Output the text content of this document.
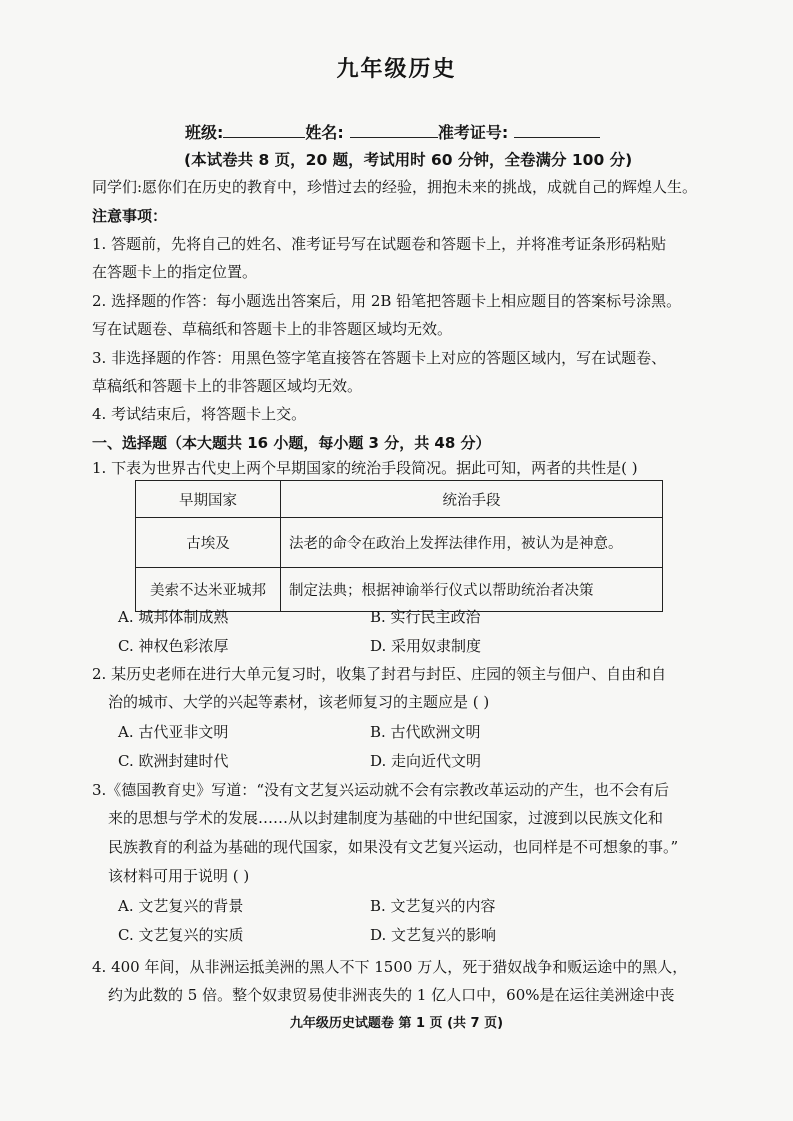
九年级历史
班级:	姓名:	准考证号:
(本试卷共 8 页，20 题，考试用时 60 分钟，全卷满分 100 分)
同学们:愿你们在历史的教育中，珍惜过去的经验，拥抱未来的挑战，成就自己的辉煌人生。
注意事项：
1. 答题前，先将自己的姓名、准考证号写在试题卷和答题卡上，并将准考证条形码粘贴
在答题卡上的指定位置。
2. 选择题的作答：每小题选出答案后，用 2B 铅笔把答题卡上相应题目的答案标号涂黑。
写在试题卷、草稿纸和答题卡上的非答题区域均无效。
3. 非选择题的作答：用黑色签字笔直接答在答题卡上对应的答题区域内，写在试题卷、
草稿纸和答题卡上的非答题区域均无效。
4. 考试结束后，将答题卡上交。
一、选择题（本大题共 16 小题，每小题 3 分，共 48 分）
1. 下表为世界古代史上两个早期国家的统治手段简况。据此可知，两者的共性是( )
早期国家	统治手段
古埃及	法老的命令在政治上发挥法律作用，被认为是神意。
美索不达米亚城邦	制定法典；根据神谕举行仪式以帮助统治者决策
A. 城邦体制成熟	B. 实行民主政治
C. 神权色彩浓厚	D. 采用奴隶制度
2. 某历史老师在进行大单元复习时，收集了封君与封臣、庄园的领主与佃户、自由和自
治的城市、大学的兴起等素材，该老师复习的主题应是 ( )
A. 古代亚非文明	B. 古代欧洲文明
C. 欧洲封建时代	D. 走向近代文明
3.《德国教育史》写道：“没有文艺复兴运动就不会有宗教改革运动的产生，也不会有后
来的思想与学术的发展……从以封建制度为基础的中世纪国家，过渡到以民族文化和
民族教育的利益为基础的现代国家，如果没有文艺复兴运动，也同样是不可想象的事。”
该材料可用于说明 ( )
A. 文艺复兴的背景	B. 文艺复兴的内容
C. 文艺复兴的实质	D. 文艺复兴的影响
4. 400 年间，从非洲运抵美洲的黑人不下 1500 万人，死于猎奴战争和贩运途中的黑人，
约为此数的 5 倍。整个奴隶贸易使非洲丧失的 1 亿人口中，60%是在运往美洲途中丧
九年级历史试题卷 第 1 页 (共 7 页)
